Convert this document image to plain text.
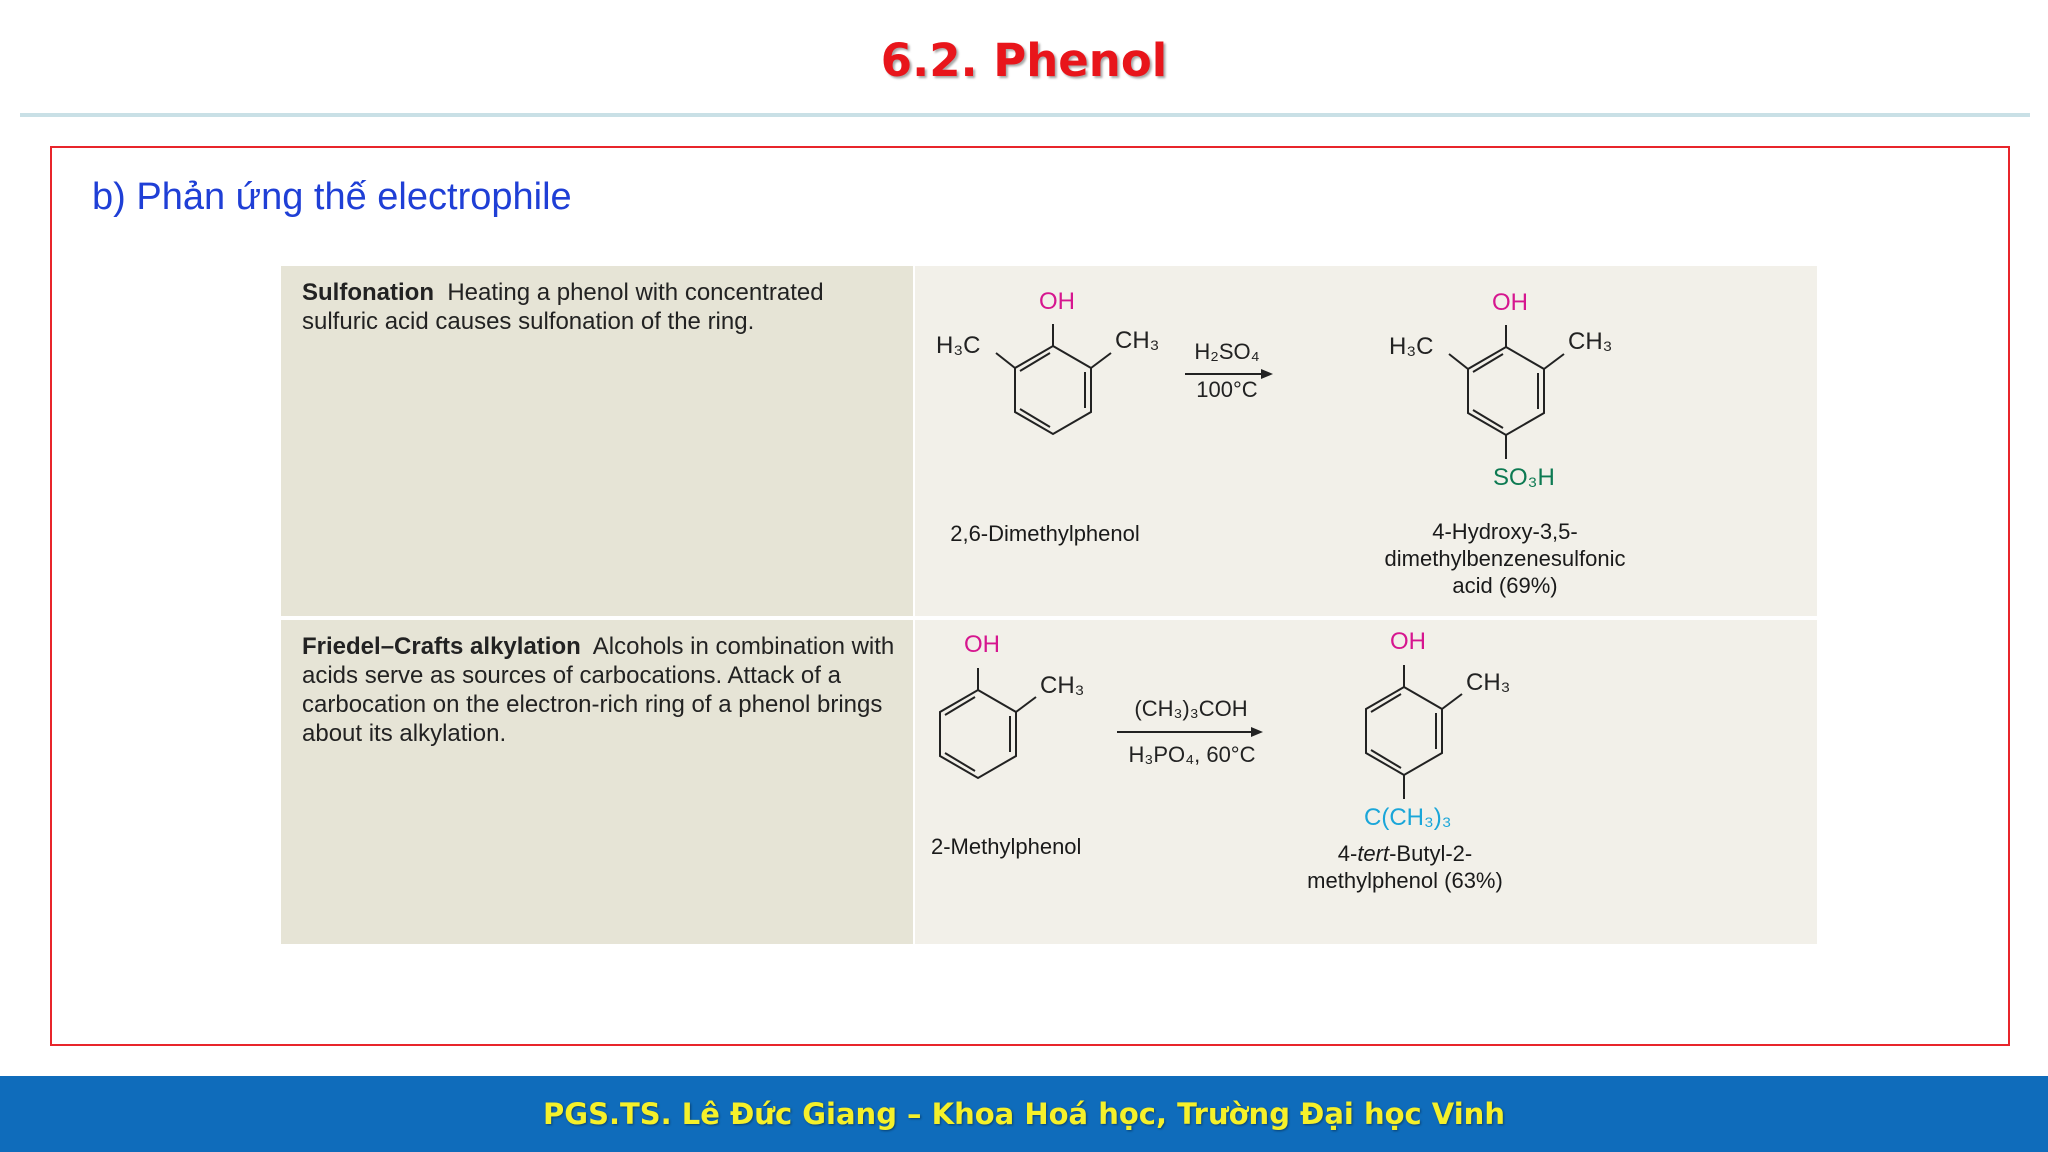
6.2. Phenol
b) Phản ứng thế electrophile
Sulfonation Heating a phenol with concentrated sulfuric acid causes sulfonation of the ring.
OH
H₃C	CH₃ H₂SO₄
100°C
OH
H₃C	CH₃
SO₃H
2,6-Dimethylphenol	4-Hydroxy-3,5-dimethylbenzenesulfonic acid (69%)
Friedel–Crafts alkylation Alcohols in combination with acids serve as sources of carbocations. Attack of a carbocation on the electron-rich ring of a phenol brings about its alkylation.
OH
CH₃
(CH₃)₃COH
H₃PO₄, 60°C
OH
CH₃
C(CH₃)₃
2-Methylphenol	4-tert-Butyl-2-methylphenol (63%)
PGS.TS. Lê Đức Giang – Khoa Hoá học, Trường Đại học Vinh
